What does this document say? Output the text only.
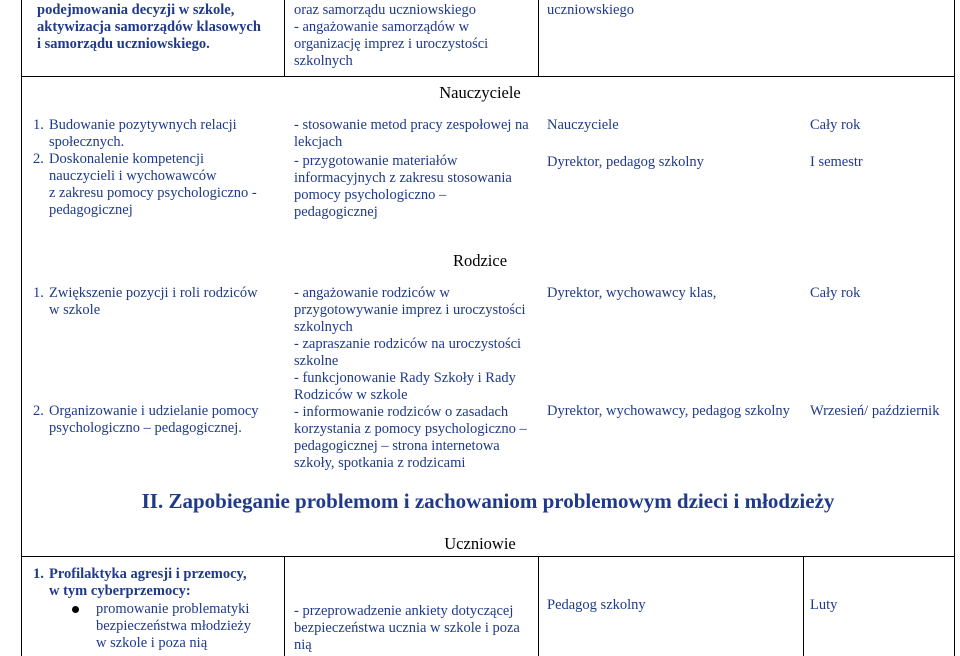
podejmowania decyzji w szkole,
aktywizacja samorządów klasowych
i samorządu uczniowskiego.
oraz samorządu uczniowskiego
- angażowanie samorządów w
organizację imprez i uroczystości
szkolnych
uczniowskiego
Nauczyciele
1. Budowanie pozytywnych relacji
społecznych.
2. Doskonalenie kompetencji
nauczycieli i wychowawców
z zakresu pomocy psychologiczno -
pedagogicznej
- stosowanie metod pracy zespołowej na
lekcjach
- przygotowanie materiałów
informacyjnych z zakresu stosowania
pomocy psychologiczno –
pedagogicznej
Nauczyciele
Dyrektor, pedagog szkolny
Cały rok
I semestr
Rodzice
1. Zwiększenie pozycji i roli rodziców
w szkole
2. Organizowanie i udzielanie pomocy
psychologiczno – pedagogicznej.
- angażowanie rodziców w
przygotowywanie imprez i uroczystości
szkolnych
- zapraszanie rodziców na uroczystości
szkolne
- funkcjonowanie Rady Szkoły i Rady
Rodziców w szkole
- informowanie rodziców o zasadach
korzystania z pomocy psychologiczno –
pedagogicznej – strona internetowa
szkoły, spotkania z rodzicami
Dyrektor, wychowawcy klas,
Dyrektor, wychowawcy, pedagog szkolny
Cały rok
Wrzesień/ październik
II. Zapobieganie problemom i zachowaniom problemowym dzieci i młodzieży
Uczniowie
1. Profilaktyka agresji i przemocy,
w tym cyberprzemocy:
promowanie problematyki
bezpieczeństwa młodzieży
w szkole i poza nią
- przeprowadzenie ankiety dotyczącej
bezpieczeństwa ucznia w szkole i poza
nią
Pedagog szkolny	Luty
